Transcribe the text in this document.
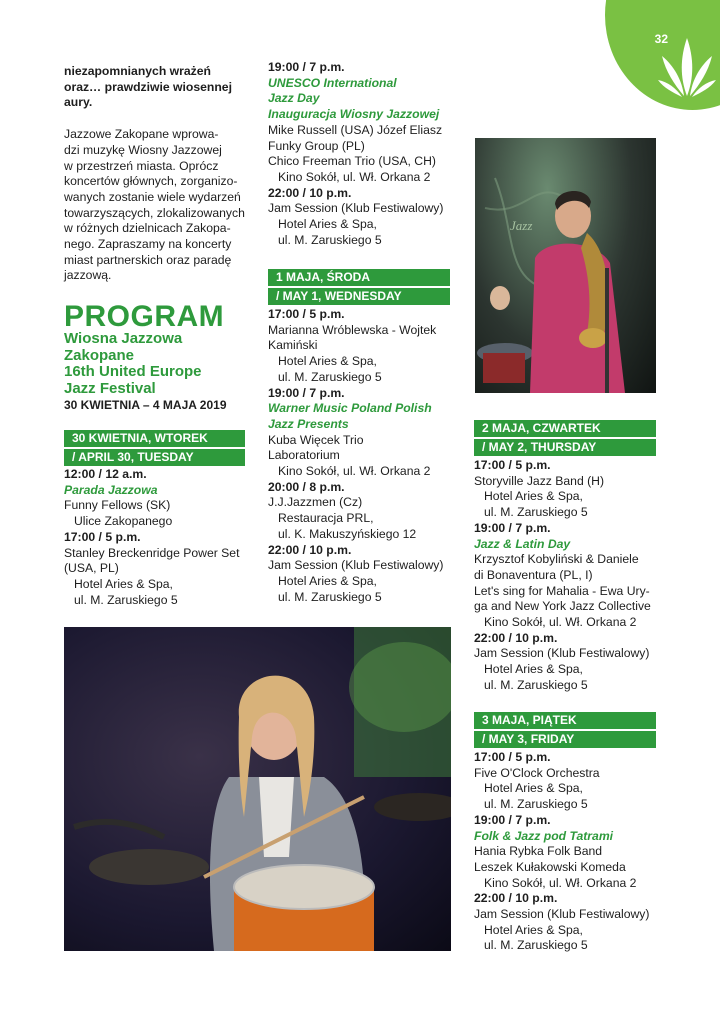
32

niezapomnianych wrażeń
oraz… prawdziwie wiosennej
aury.

Jazzowe Zakopane wprowa-
dzi muzykę Wiosny Jazzowej
w przestrzeń miasta. Oprócz
koncertów głównych, zorganizo-
wanych zostanie wiele wydarzeń
towarzyszących, zlokalizowanych
w różnych dzielnicach Zakopa-
nego. Zapraszamy na koncerty
miast partnerskich oraz paradę
jazzową.

PROGRAM
Wiosna Jazzowa
Zakopane
16th United Europe
Jazz Festival
30 KWIETNIA – 4 MAJA 2019
30 KWIETNIA, WTOREK
/ APRIL 30, TUESDAY
1 MAJA, ŚRODA
/ MAY 1, WEDNESDAY
2 MAJA, CZWARTEK
/ MAY 2, THURSDAY
3 MAJA, PIĄTEK
/ MAY 3, FRIDAY
12:00 / 12 a.m.
Parada Jazzowa
Funny Fellows (SK)
Ulice Zakopanego
17:00 / 5 p.m.
Stanley Breckenridge Power Set
(USA, PL)
Hotel Aries & Spa,
ul. M. Zaruskiego 5
19:00 / 7 p.m.
UNESCO International
Jazz Day
Inauguracja Wiosny Jazzowej
Mike Russell (USA) Józef Eliasz
Funky Group (PL)
Chico Freeman Trio (USA, CH)
Kino Sokół, ul. Wł. Orkana 2
22:00 / 10 p.m.
Jam Session (Klub Festiwalowy)
Hotel Aries & Spa,
ul. M. Zaruskiego 5
17:00 / 5 p.m.
Marianna Wróblewska - Wojtek
Kamiński
Hotel Aries & Spa,
ul. M. Zaruskiego 5
19:00 / 7 p.m.
Warner Music Poland Polish
Jazz Presents
Kuba Więcek Trio
Laboratorium
Kino Sokół, ul. Wł. Orkana 2
20:00 / 8 p.m.
J.J.Jazzmen (Cz)
Restauracja PRL,
ul. K. Makuszyńskiego 12
22:00 / 10 p.m.
Jam Session (Klub Festiwalowy)
Hotel Aries & Spa,
ul. M. Zaruskiego 5
17:00 / 5 p.m.
Storyville Jazz Band (H)
Hotel Aries & Spa,
ul. M. Zaruskiego 5
19:00 / 7 p.m.
Jazz & Latin Day
Krzysztof Kobyliński & Daniele
di Bonaventura (PL, I)
Let's sing for Mahalia - Ewa Ury-
ga and New York Jazz Collective
Kino Sokół, ul. Wł. Orkana 2
22:00 / 10 p.m.
Jam Session (Klub Festiwalowy)
Hotel Aries & Spa,
ul. M. Zaruskiego 5
17:00 / 5 p.m.
Five O'Clock Orchestra
Hotel Aries & Spa,
ul. M. Zaruskiego 5
19:00 / 7 p.m.
Folk & Jazz pod Tatrami
Hania Rybka Folk Band
Leszek Kułakowski Komeda
Kino Sokół, ul. Wł. Orkana 2
22:00 / 10 p.m.
Jam Session (Klub Festiwalowy)
Hotel Aries & Spa,
ul. M. Zaruskiego 5
Jazz
